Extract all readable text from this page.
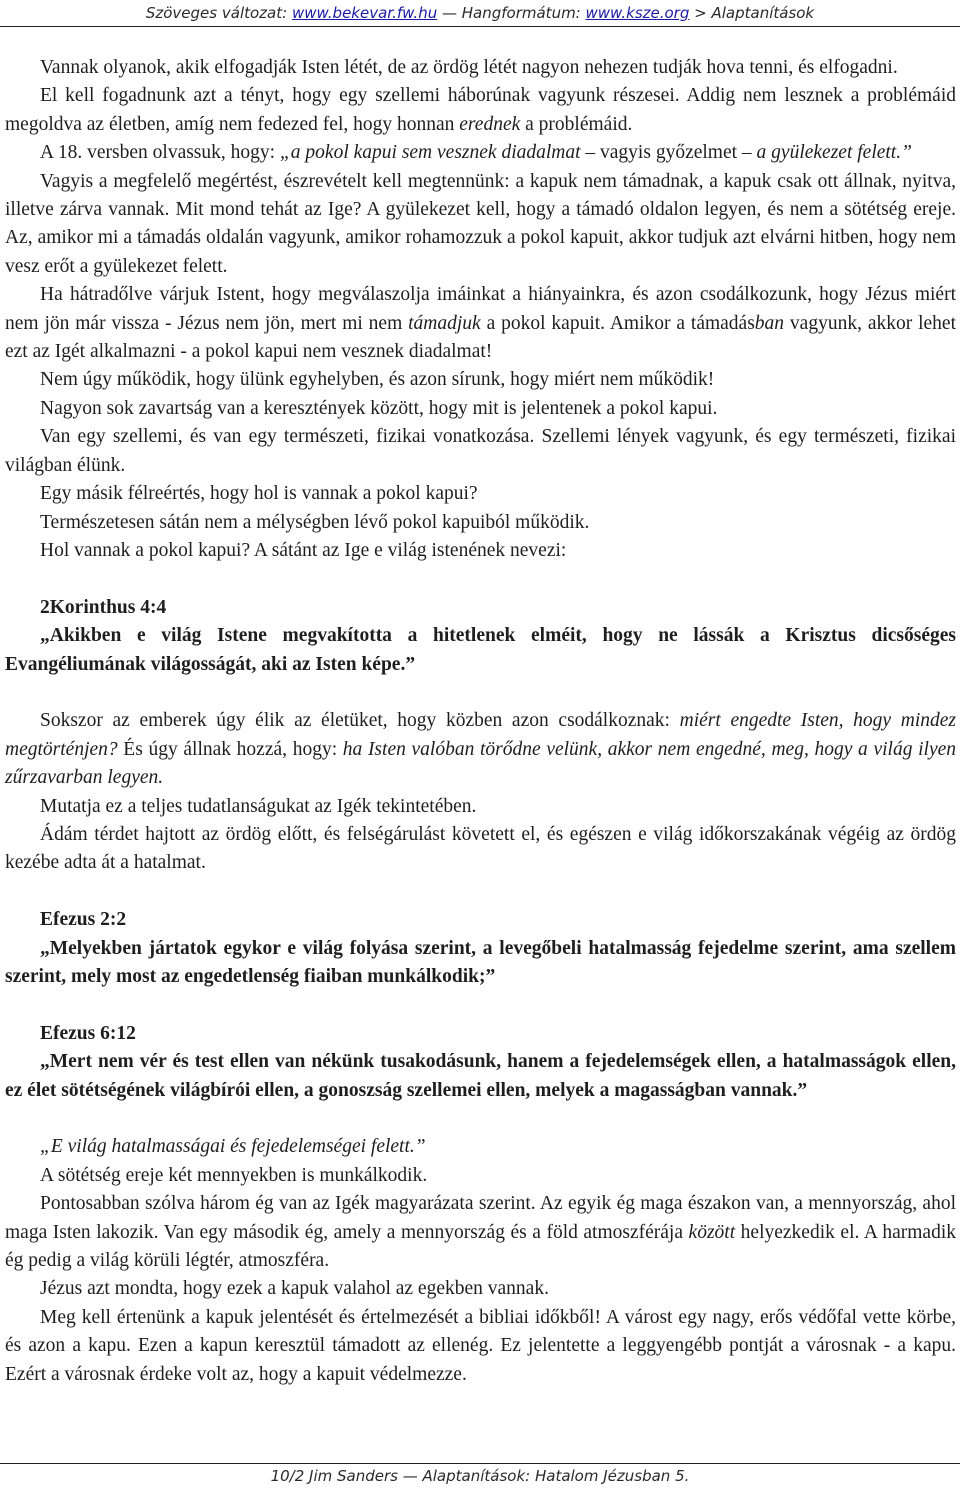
Szöveges változat: www.bekevar.fw.hu — Hangformátum: www.ksze.org > Alaptanítások

Vannak olyanok, akik elfogadják Isten létét, de az ördög létét nagyon nehezen tudják hova tenni, és elfogadni.

El kell fogadnunk azt a tényt, hogy egy szellemi háborúnak vagyunk részesei. Addig nem lesznek a problémáid megoldva az életben, amíg nem fedezed fel, hogy honnan erednek a problémáid.

A 18. versben olvassuk, hogy: „a pokol kapui sem vesznek diadalmat – vagyis győzelmet – a gyülekezet felett.”

Vagyis a megfelelő megértést, észrevételt kell megtennünk: a kapuk nem támadnak, a kapuk csak ott állnak, nyitva, illetve zárva vannak. Mit mond tehát az Ige? A gyülekezet kell, hogy a támadó oldalon legyen, és nem a sötétség ereje. Az, amikor mi a támadás oldalán vagyunk, amikor rohamozzuk a pokol kapuit, akkor tudjuk azt elvárni hitben, hogy nem vesz erőt a gyülekezet felett.

Ha hátradőlve várjuk Istent, hogy megválaszolja imáinkat a hiányainkra, és azon csodálkozunk, hogy Jézus miért nem jön már vissza - Jézus nem jön, mert mi nem támadjuk a pokol kapuit. Amikor a támadásban vagyunk, akkor lehet ezt az Igét alkalmazni - a pokol kapui nem vesznek diadalmat!

Nem úgy működik, hogy ülünk egyhelyben, és azon sírunk, hogy miért nem működik!

Nagyon sok zavartság van a keresztények között, hogy mit is jelentenek a pokol kapui.

Van egy szellemi, és van egy természeti, fizikai vonatkozása. Szellemi lények vagyunk, és egy természeti, fizikai világban élünk.

Egy másik félreértés, hogy hol is vannak a pokol kapui?

Természetesen sátán nem a mélységben lévő pokol kapuiból működik.

Hol vannak a pokol kapui? A sátánt az Ige e világ istenének nevezi:

2Korinthus 4:4

„Akikben e világ Istene megvakította a hitetlenek elméit, hogy ne lássák a Krisztus dicsőséges Evangéliumának világosságát, aki az Isten képe.”

Sokszor az emberek úgy élik az életüket, hogy közben azon csodálkoznak: miért engedte Isten, hogy mindez megtörténjen? És úgy állnak hozzá, hogy: ha Isten valóban törődne velünk, akkor nem engedné, meg, hogy a világ ilyen zűrzavarban legyen.

Mutatja ez a teljes tudatlanságukat az Igék tekintetében.

Ádám térdet hajtott az ördög előtt, és felségárulást követett el, és egészen e világ időkorszakának végéig az ördög kezébe adta át a hatalmat.

Efezus 2:2

„Melyekben jártatok egykor e világ folyása szerint, a levegőbeli hatalmasság fejedelme szerint, ama szellem szerint, mely most az engedetlenség fiaiban munkálkodik;”

Efezus 6:12

„Mert nem vér és test ellen van nékünk tusakodásunk, hanem a fejedelemségek ellen, a hatalmasságok ellen, ez élet sötétségének világbírói ellen, a gonoszság szellemei ellen, melyek a magasságban vannak.”

„E világ hatalmasságai és fejedelemségei felett.”

A sötétség ereje két mennyekben is munkálkodik.

Pontosabban szólva három ég van az Igék magyarázata szerint. Az egyik ég maga északon van, a mennyország, ahol maga Isten lakozik. Van egy második ég, amely a mennyország és a föld atmoszférája között helyezkedik el. A harmadik ég pedig a világ körüli légtér, atmoszféra.

Jézus azt mondta, hogy ezek a kapuk valahol az egekben vannak.

Meg kell értenünk a kapuk jelentését és értelmezését a bibliai időkből! A várost egy nagy, erős védőfal vette körbe, és azon a kapu. Ezen a kapun keresztül támadott az ellenég. Ez jelentette a leggyengébb pontját a városnak - a kapu. Ezért a városnak érdeke volt az, hogy a kapuit védelmezze.

10/2 Jim Sanders — Alaptanítások: Hatalom Jézusban 5.
